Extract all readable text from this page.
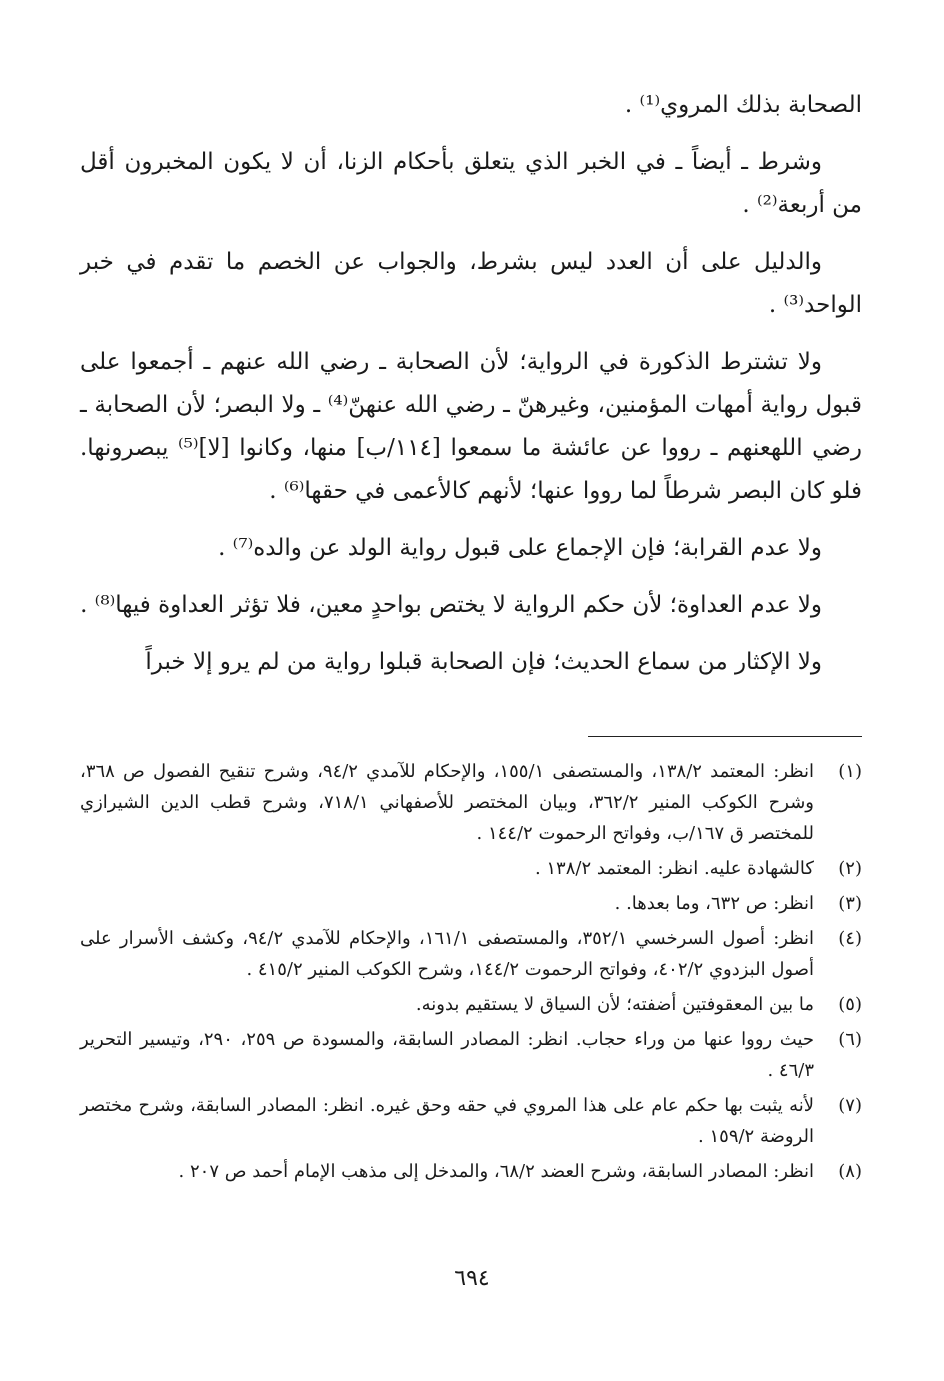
الصحابة بذلك المروي⁽¹⁾ .

وشرط ـ أيضاً ـ في الخبر الذي يتعلق بأحكام الزنا، أن لا يكون المخبرون أقل من أربعة⁽²⁾ .

والدليل على أن العدد ليس بشرط، والجواب عن الخصم ما تقدم في خبر الواحد⁽³⁾ .

ولا تشترط الذكورة في الرواية؛ لأن الصحابة ـ رضي الله عنهم ـ أجمعوا على قبول رواية أمهات المؤمنين، وغيرهنّ ـ رضي الله عنهنّ⁽⁴⁾ ـ ولا البصر؛ لأن الصحابة ـ رضي اللهعنهم ـ رووا عن عائشة ما سمعوا [١١٤/ب] منها، وكانوا [لا]⁽⁵⁾ يبصرونها. فلو كان البصر شرطاً لما رووا عنها؛ لأنهم كالأعمى في حقها⁽⁶⁾ .

ولا عدم القرابة؛ فإن الإجماع على قبول رواية الولد عن والده⁽⁷⁾ .

ولا عدم العداوة؛ لأن حكم الرواية لا يختص بواحدٍ معين، فلا تؤثر العداوة فيها⁽⁸⁾ .

ولا الإكثار من سماع الحديث؛ فإن الصحابة قبلوا رواية من لم يرو إلا خبراً

(١)
انظر: المعتمد ١٣٨/٢، والمستصفى ١٥٥/١، والإحكام للآمدي ٩٤/٢، وشرح تنقيح الفصول ص ٣٦٨، وشرح الكوكب المنير ٣٦٢/٢، وبيان المختصر للأصفهاني ٧١٨/١، وشرح قطب الدين الشيرازي للمختصر ق ١٦٧/ب، وفواتح الرحموت ١٤٤/٢ .
(٢)
كالشهادة عليه. انظر: المعتمد ١٣٨/٢ .
(٣)
انظر: ص ٦٣٢، وما بعدها. .
(٤)
انظر: أصول السرخسي ٣٥٢/١، والمستصفى ١٦١/١، والإحكام للآمدي ٩٤/٢، وكشف الأسرار على أصول البزدوي ٤٠٢/٢، وفواتح الرحموت ١٤٤/٢، وشرح الكوكب المنير ٤١٥/٢ .
(٥)
ما بين المعقوفتين أضفته؛ لأن السياق لا يستقيم بدونه.
(٦)
حيث رووا عنها من وراء حجاب. انظر: المصادر السابقة، والمسودة ص ٢٥٩، ٢٩٠، وتيسير التحرير ٤٦/٣ .
(٧)
لأنه يثبت بها حكم عام على هذا المروي في حقه وحق غيره. انظر: المصادر السابقة، وشرح مختصر الروضة ١٥٩/٢ .
(٨)
انظر: المصادر السابقة، وشرح العضد ٦٨/٢، والمدخل إلى مذهب الإمام أحمد ص ٢٠٧ .
٦٩٤
